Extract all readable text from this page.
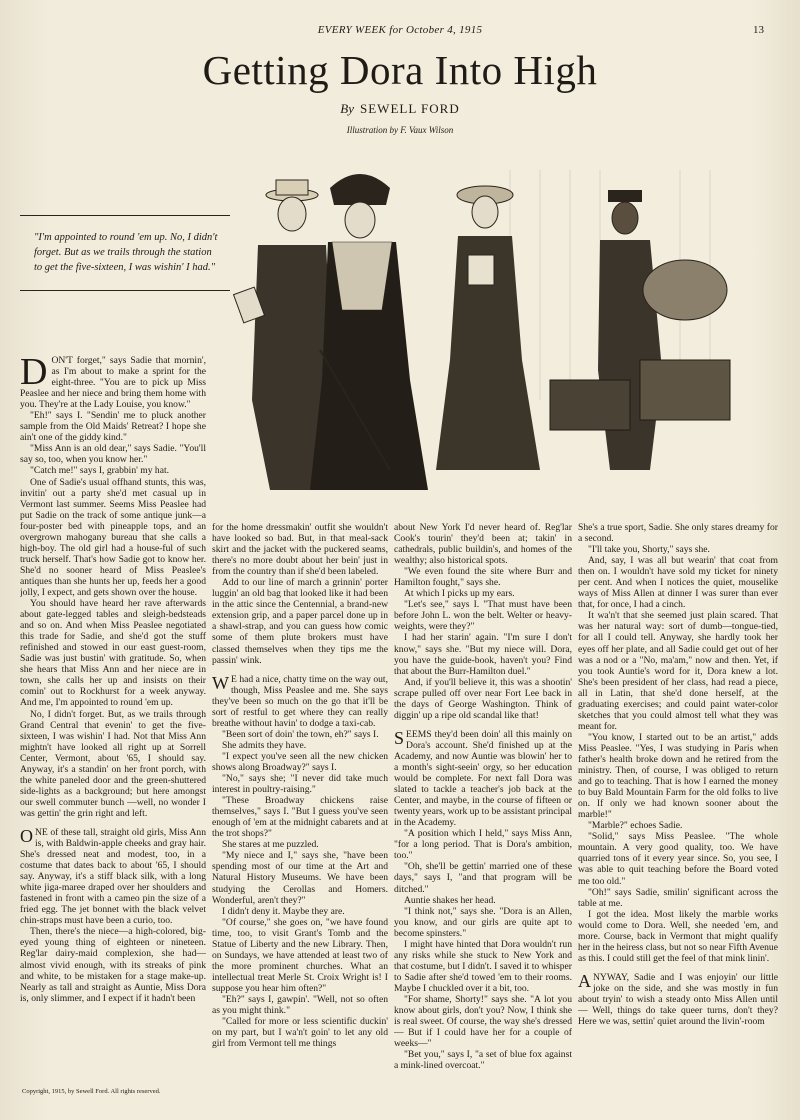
EVERY WEEK for October 4, 1915	13
Getting Dora Into High
By SEWELL FORD
Illustration by F. Vaux Wilson
"I'm appointed to round 'em up. No, I didn't forget. But as we trails through the station to get the five-sixteen, I was wishin' I had."

DON'T forget," says Sadie that mornin', as I'm about to make a sprint for the eight-three. "You are to pick up Miss Peaslee and her niece and bring them home with you. They're at the Lady Louise, you know."

"Eh!" says I. "Sendin' me to pluck another sample from the Old Maids' Retreat? I hope she ain't one of the giddy kind."

"Miss Ann is an old dear," says Sadie. "You'll say so, too, when you know her."

"Catch me!" says I, grabbin' my hat.

One of Sadie's usual offhand stunts, this was, invitin' out a party she'd met casual up in Vermont last summer. Seems Miss Peaslee had put Sadie on the track of some antique junk—a four-poster bed with pineapple tops, and an overgrown mahogany bureau that she calls a high-boy. The old girl had a house-ful of such truck herself. That's how Sadie got to know her. She'd no sooner heard of Miss Peaslee's antiques than she hunts her up, feeds her a good jolly, I expect, and gets shown over the house.

You should have heard her rave afterwards about gate-legged tables and sleigh-bedsteads and so on. And when Miss Peaslee negotiated this trade for Sadie, and she'd got the stuff refinished and stowed in our east guest-room, Sadie was just bustin' with gratitude. So, when she hears that Miss Ann and her niece are in town, she calls her up and insists on their comin' out to Rockhurst for a week anyway. And me, I'm appointed to round 'em up.

No, I didn't forget. But, as we trails through Grand Central that evenin' to get the five-sixteen, I was wishin' I had. Not that Miss Ann mightn't have looked all right up at Sorrell Center, Vermont, about '65, I should say. Anyway, it's a standin' on her front porch, with the white paneled door and the green-shuttered side-lights as a background; but here amongst our swell commuter bunch —well, no wonder I was gettin' the grin right and left.

ONE of these tall, straight old girls, Miss Ann is, with Baldwin-apple cheeks and gray hair. She's dressed neat and modest, too, in a costume that dates back to about '65, I should say. Anyway, it's a stiff black silk, with a long white jiga-maree draped over her shoulders and fastened in front with a cameo pin the size of a fried egg. The jet bonnet with the black velvet chin-straps must have been a curio, too.

Then, there's the niece—a high-colored, big-eyed young thing of eighteen or nineteen. Reg'lar dairy-maid complexion, she had—almost vivid enough, with its streaks of pink and white, to be mistaken for a stage make-up. Nearly as tall and straight as Auntie, Miss Dora is, only slimmer, and I expect if it hadn't been

for the home dressmakin' outfit she wouldn't have looked so bad. But, in that meal-sack skirt and the jacket with the puckered seams, there's no more doubt about her bein' just in from the country than if she'd been labeled.

Add to our line of march a grinnin' porter luggin' an old bag that looked like it had been in the attic since the Centennial, a brand-new extension grip, and a paper parcel done up in a shawl-strap, and you can guess how comic some of them plute brokers must have classed themselves when they tips me the passin' wink.

W E had a nice, chatty time on the way out, though, Miss Peaslee and me. She says they've been so much on the go that it'll be sort of restful to get where they can really breathe without havin' to dodge a taxi-cab.

"Been sort of doin' the town, eh?" says I.

She admits they have.

"I expect you've seen all the new chicken shows along Broadway?" says I.

"No," says she; "I never did take much interest in poultry-raising."

"These Broadway chickens raise themselves," says I. "But I guess you've seen enough of 'em at the midnight cabarets and at the trot shops?"

She stares at me puzzled.

"My niece and I," says she, "have been spending most of our time at the Art and Natural History Museums. We have been studying the Cerollas and Homers. Wonderful, aren't they?"

I didn't deny it. Maybe they are.

"Of course," she goes on, "we have found time, too, to visit Grant's Tomb and the Statue of Liberty and the new Library. Then, on Sundays, we have attended at least two of the more prominent churches. What an intellectual treat Merle St. Croix Wright is! I suppose you hear him often?"

"Eh?" says I, gawpin'. "Well, not so often as you might think."

"Called for more or less scientific duckin' on my part, but I wa'n't goin' to let any old girl from Vermont tell me things

about New York I'd never heard of. Reg'lar Cook's tourin' they'd been at; takin' in cathedrals, public buildin's, and homes of the wealthy; also historical spots.

"We even found the site where Burr and Hamilton fought," says she.

At which I picks up my ears.

"Let's see," says I. "That must have been before John L. won the belt. Welter or heavy-weights, were they?"

I had her starin' again. "I'm sure I don't know," says she. "But my niece will. Dora, you have the guide-book, haven't you? Find that about the Burr-Hamilton duel."

And, if you'll believe it, this was a shootin' scrape pulled off over near Fort Lee back in the days of George Washington. Think of diggin' up a ripe old scandal like that!

SEEMS they'd been doin' all this mainly on Dora's account. She'd finished up at the Academy, and now Auntie was blowin' her to a month's sight-seein' orgy, so her education would be complete. For next fall Dora was slated to tackle a teacher's job back at the Center, and maybe, in the course of fifteen or twenty years, work up to be assistant principal in the Academy.

"A position which I held," says Miss Ann, "for a long period. That is Dora's ambition, too."

"Oh, she'll be gettin' married one of these days," says I, "and that program will be ditched."

Auntie shakes her head.

"I think not," says she. "Dora is an Allen, you know, and our girls are quite apt to become spinsters."

I might have hinted that Dora wouldn't run any risks while she stuck to New York and that costume, but I didn't. I saved it to whisper to Sadie after she'd towed 'em to their rooms. Maybe I chuckled over it a bit, too.

"For shame, Shorty!" says she. "A lot you know about girls, don't you? Now, I think she is real sweet. Of course, the way she's dressed— But if I could have her for a couple of weeks—"

"Bet you," says I, "a set of blue fox against a mink-lined overcoat."

She's a true sport, Sadie. She only stares dreamy for a second.

"I'll take you, Shorty," says she.

And, say, I was all but wearin' that coat from then on. I wouldn't have sold my ticket for ninety per cent. And when I notices the quiet, mouselike ways of Miss Allen at dinner I was surer than ever that, for once, I had a cinch.

It wa'n't that she seemed just plain scared. That was her natural way: sort of dumb—tongue-tied, for all I could tell. Anyway, she hardly took her eyes off her plate, and all Sadie could get out of her was a nod or a "No, ma'am," now and then. Yet, if you took Auntie's word for it, Dora knew a lot. She's been president of her class, had read a piece, all in Latin, that she'd done herself, at the graduating exercises; and could paint water-color sketches that you could almost tell what they was meant for.

"You know, I started out to be an artist," adds Miss Peaslee. "Yes, I was studying in Paris when father's health broke down and he retired from the ministry. Then, of course, I was obliged to return and go to teaching. That is how I earned the money to buy Bald Mountain Farm for the old folks to live on. If only we had known sooner about the marble!"

"Marble?" echoes Sadie.

"Solid," says Miss Peaslee. "The whole mountain. A very good quality, too. We have quarried tons of it every year since. So, you see, I was able to quit teaching before the Board voted me too old."

"Oh!" says Sadie, smilin' significant across the table at me.

I got the idea. Most likely the marble works would come to Dora. Well, she needed 'em, and more. Course, back in Vermont that might qualify her in the heiress class, but not so near Fifth Avenue as this. I could still get the feel of that mink linin'.

ANYWAY, Sadie and I was enjoyin' our little joke on the side, and she was mostly in fun about tryin' to wish a steady onto Miss Allen until— Well, things do take queer turns, don't they? Here we was, settin' quiet around the livin'-room

Copyright, 1915, by Sewell Ford. All rights reserved.
